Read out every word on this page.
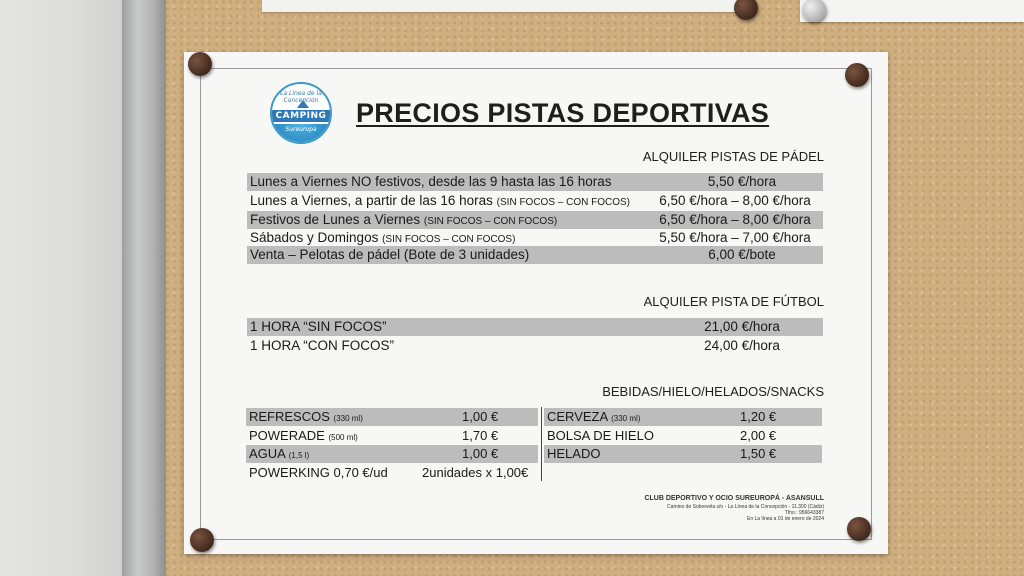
La Linea de la Concepción
CAMPING
Sureuropa
PRECIOS PISTAS DEPORTIVAS
ALQUILER PISTAS DE PÁDEL
Lunes a Viernes NO festivos, desde las 9 hasta las 16 horas	5,50 €/hora
Lunes a Viernes, a partir de las 16 horas (SIN FOCOS – CON FOCOS)	6,50 €/hora – 8,00 €/hora
Festivos de Lunes a Viernes (SIN FOCOS – CON FOCOS)	6,50 €/hora – 8,00 €/hora
Sábados y Domingos (SIN FOCOS – CON FOCOS)	5,50 €/hora – 7,00 €/hora
Venta – Pelotas de pádel (Bote de 3 unidades)	6,00 €/bote
ALQUILER PISTA DE FÚTBOL
1 HORA “SIN FOCOS”	21,00 €/hora
1 HORA “CON FOCOS”	24,00 €/hora
BEBIDAS/HIELO/HELADOS/SNACKS
REFRESCOS (330 ml)	1,00 €
POWERADE (500 ml)	1,70 €
AGUA (1,5 l)	1,00 €
POWERKING 0,70 €/ud	2unidades x 1,00€
CERVEZA (330 ml)	1,20 €
BOLSA DE HIELO	2,00 €
HELADO	1,50 €
CLUB DEPORTIVO Y OCIO SUREUROPÁ - ASANSULL
Camino de Sobrevela s/n - La Línea de la Concepción - 11.300 (Cádiz)
Tfno.: 956643387
En La línea a 01 de enero de 2024
